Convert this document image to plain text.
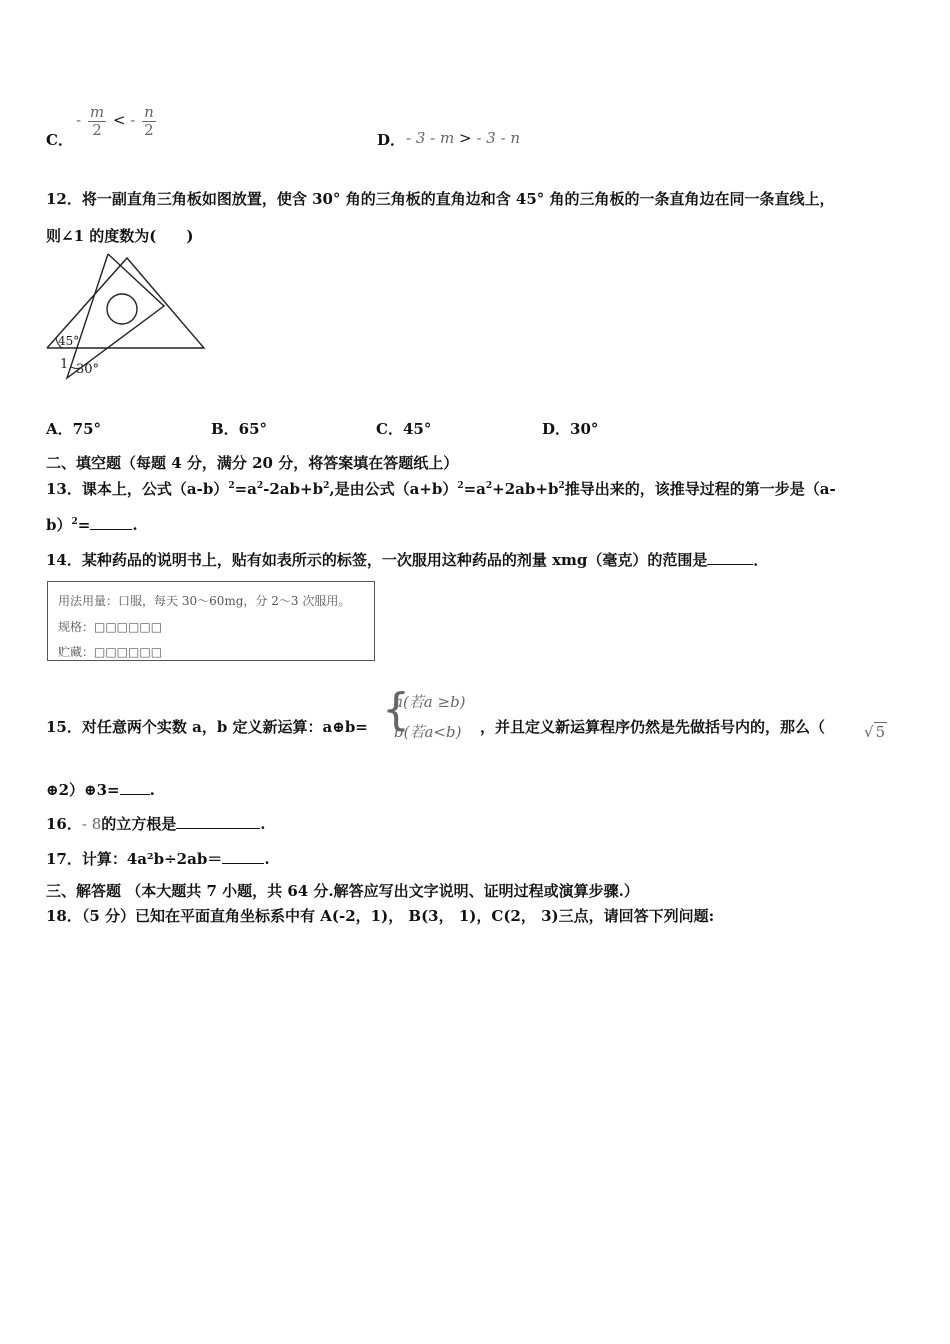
C．
- $\frac{m}{2}$ < - $\frac{n}{2}$
D． - 3 - m > - 3 - n
12．将一副直角三角板如图放置，使含 30° 角的三角板的直角边和含 45° 角的三角板的一条直角边在同一条直线上，
则∠1 的度数为(　　)
45°
1 30°
A．75°	B．65°	C．45°	D．30°
二、填空题（每题 4 分，满分 20 分，将答案填在答题纸上）
13．课本上，公式$(a-b)^2=a^2-2ab+b^2$,是由公式$(a+b)^2=a^2+2ab+b^2$推导出来的，该推导过程的第一步是（a-
b）$^2$=	.
14．某种药品的说明书上，贴有如表所示的标签，一次服用这种药品的剂量 xmg（毫克）的范围是	．
用法用量：口服，每天 30～60mg，分 2～3 次服用。
规格：□□□□□□
贮藏：□□□□□□
15．对任意两个实数 a，b 定义新运算：a⊕b= {
a(若a ≥b)
b(若a<b) ，并且定义新运算程序仍然是先做括号内的，那么（	√ 5
⊕2）⊕3= .
16．- 8的立方根是	.
17．计算：4a²b÷2ab＝	.
三、解答题 （本大题共 7 小题，共 64 分.解答应写出文字说明、证明过程或演算步骤.）
18．（5 分）已知在平面直角坐标系中有 A(-2，1)， B(3， 1)，C(2， 3)三点，请回答下列问题:
